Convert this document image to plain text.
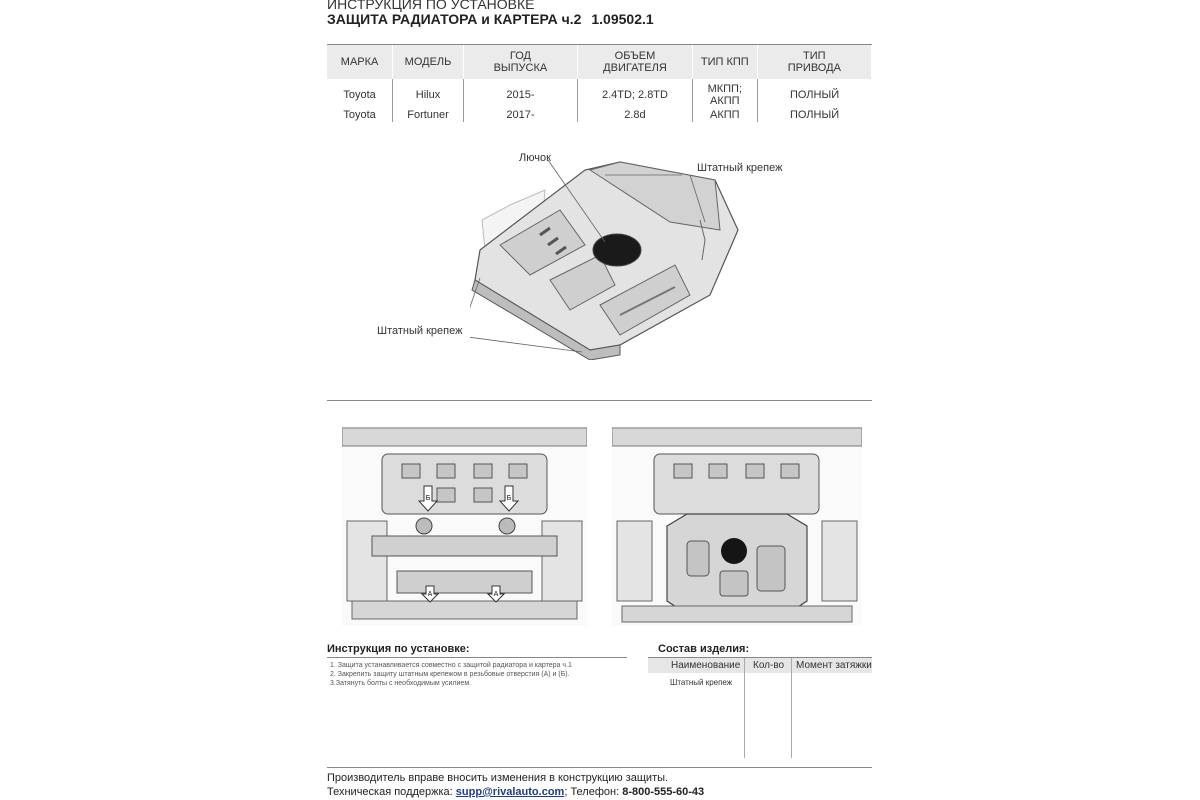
ИНСТРУКЦИЯ ПО УСТАНОВКЕ
ЗАЩИТА РАДИАТОРА и КАРТЕРА ч.2 1.09502.1
МАРКА	МОДЕЛЬ	ГОД ВЫПУСКА	ОБЪЕМ ДВИГАТЕЛЯ	ТИП КПП	ТИП ПРИВОДА
Toyota	Hilux	2015-	2.4TD; 2.8TD	МКПП; АКПП	ПОЛНЫЙ
Toyota	Fortuner	2017-	2.8d	АКПП	ПОЛНЫЙ
Лючок
Штатный крепеж
Штатный крепеж
Б	Б
А	А
Инструкция по установке:
1. Защита устанавливается совместно с защитой радиатора и картера ч.1
2. Закрепить защиту штатным крепежом в резьбовые отверстия (А) и (Б).
3.Затянуть болты с необходимым усилием.
Состав изделия:
Наименование Кол-во Момент затяжки
Штатный крепеж
Производитель вправе вносить изменения в конструкцию защиты.
Техническая поддержка: supp@rivalauto.com; Телефон: 8-800-555-60-43
